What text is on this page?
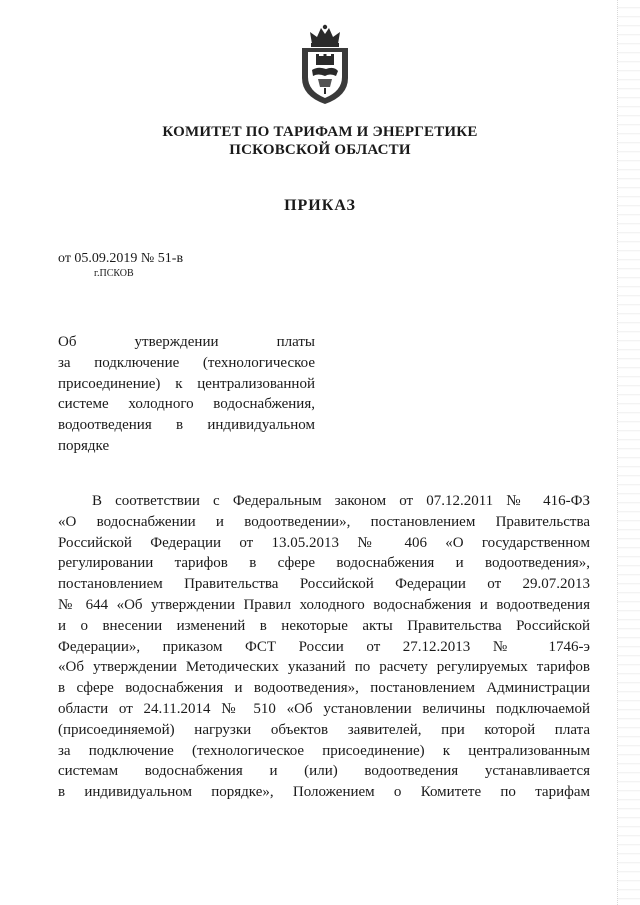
КОМИТЕТ ПО ТАРИФАМ И ЭНЕРГЕТИКЕ
ПСКОВСКОЙ ОБЛАСТИ
ПРИКАЗ
от 05.09.2019 № 51-в
г.ПСКОВ
Об утверждении платы
за подключение (технологическое
присоединение) к централизованной
системе холодного водоснабжения,
водоотведения в индивидуальном
порядке
В соответствии с Федеральным законом от 07.12.2011 № 416-ФЗ
«О водоснабжении и водоотведении», постановлением Правительства
Российской Федерации от 13.05.2013 № 406 «О государственном
регулировании тарифов в сфере водоснабжения и водоотведения»,
постановлением Правительства Российской Федерации от 29.07.2013
№ 644 «Об утверждении Правил холодного водоснабжения и водоотведения
и о внесении изменений в некоторые акты Правительства Российской
Федерации», приказом ФСТ России от 27.12.2013 № 1746-э
«Об утверждении Методических указаний по расчету регулируемых тарифов
в сфере водоснабжения и водоотведения», постановлением Администрации
области от 24.11.2014 № 510 «Об установлении величины подключаемой
(присоединяемой) нагрузки объектов заявителей, при которой плата
за подключение (технологическое присоединение) к централизованным
системам водоснабжения и (или) водоотведения устанавливается
в индивидуальном порядке», Положением о Комитете по тарифам
